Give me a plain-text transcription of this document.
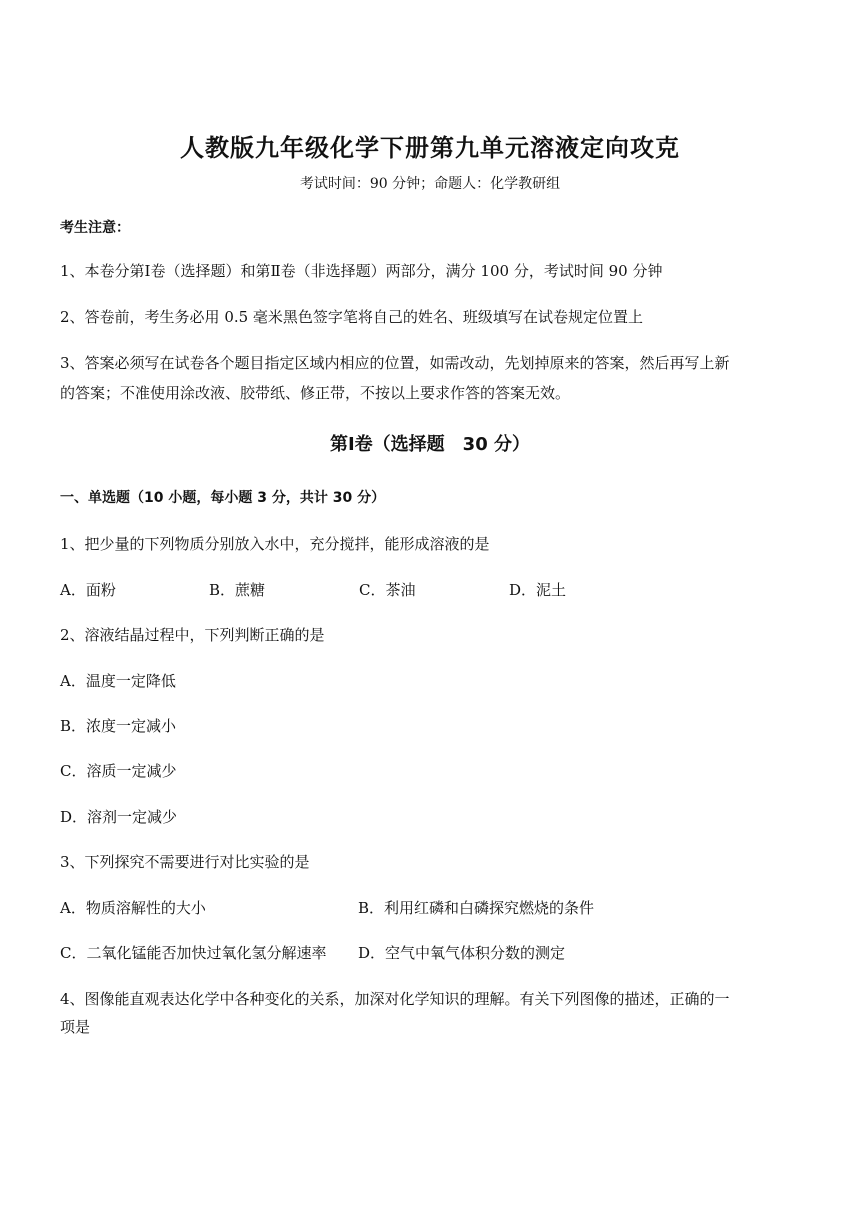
人教版九年级化学下册第九单元溶液定向攻克
考试时间：90 分钟；命题人：化学教研组
考生注意：
1、本卷分第Ⅰ卷（选择题）和第Ⅱ卷（非选择题）两部分，满分 100 分，考试时间 90 分钟
2、答卷前，考生务必用 0.5 毫米黑色签字笔将自己的姓名、班级填写在试卷规定位置上
3、答案必须写在试卷各个题目指定区域内相应的位置，如需改动，先划掉原来的答案，然后再写上新
的答案；不准使用涂改液、胶带纸、修正带，不按以上要求作答的答案无效。
第Ⅰ卷（选择题　30 分）
一、单选题（10 小题，每小题 3 分，共计 30 分）
1、把少量的下列物质分别放入水中，充分搅拌，能形成溶液的是
A．面粉	B．蔗糖	C．茶油	D．泥土
2、溶液结晶过程中，下列判断正确的是
A．温度一定降低
B．浓度一定减小
C．溶质一定减少
D．溶剂一定减少
3、下列探究不需要进行对比实验的是
A．物质溶解性的大小	B．利用红磷和白磷探究燃烧的条件
C．二氧化锰能否加快过氧化氢分解速率 D．空气中氧气体积分数的测定
4、图像能直观表达化学中各种变化的关系，加深对化学知识的理解。有关下列图像的描述，正确的一
项是
